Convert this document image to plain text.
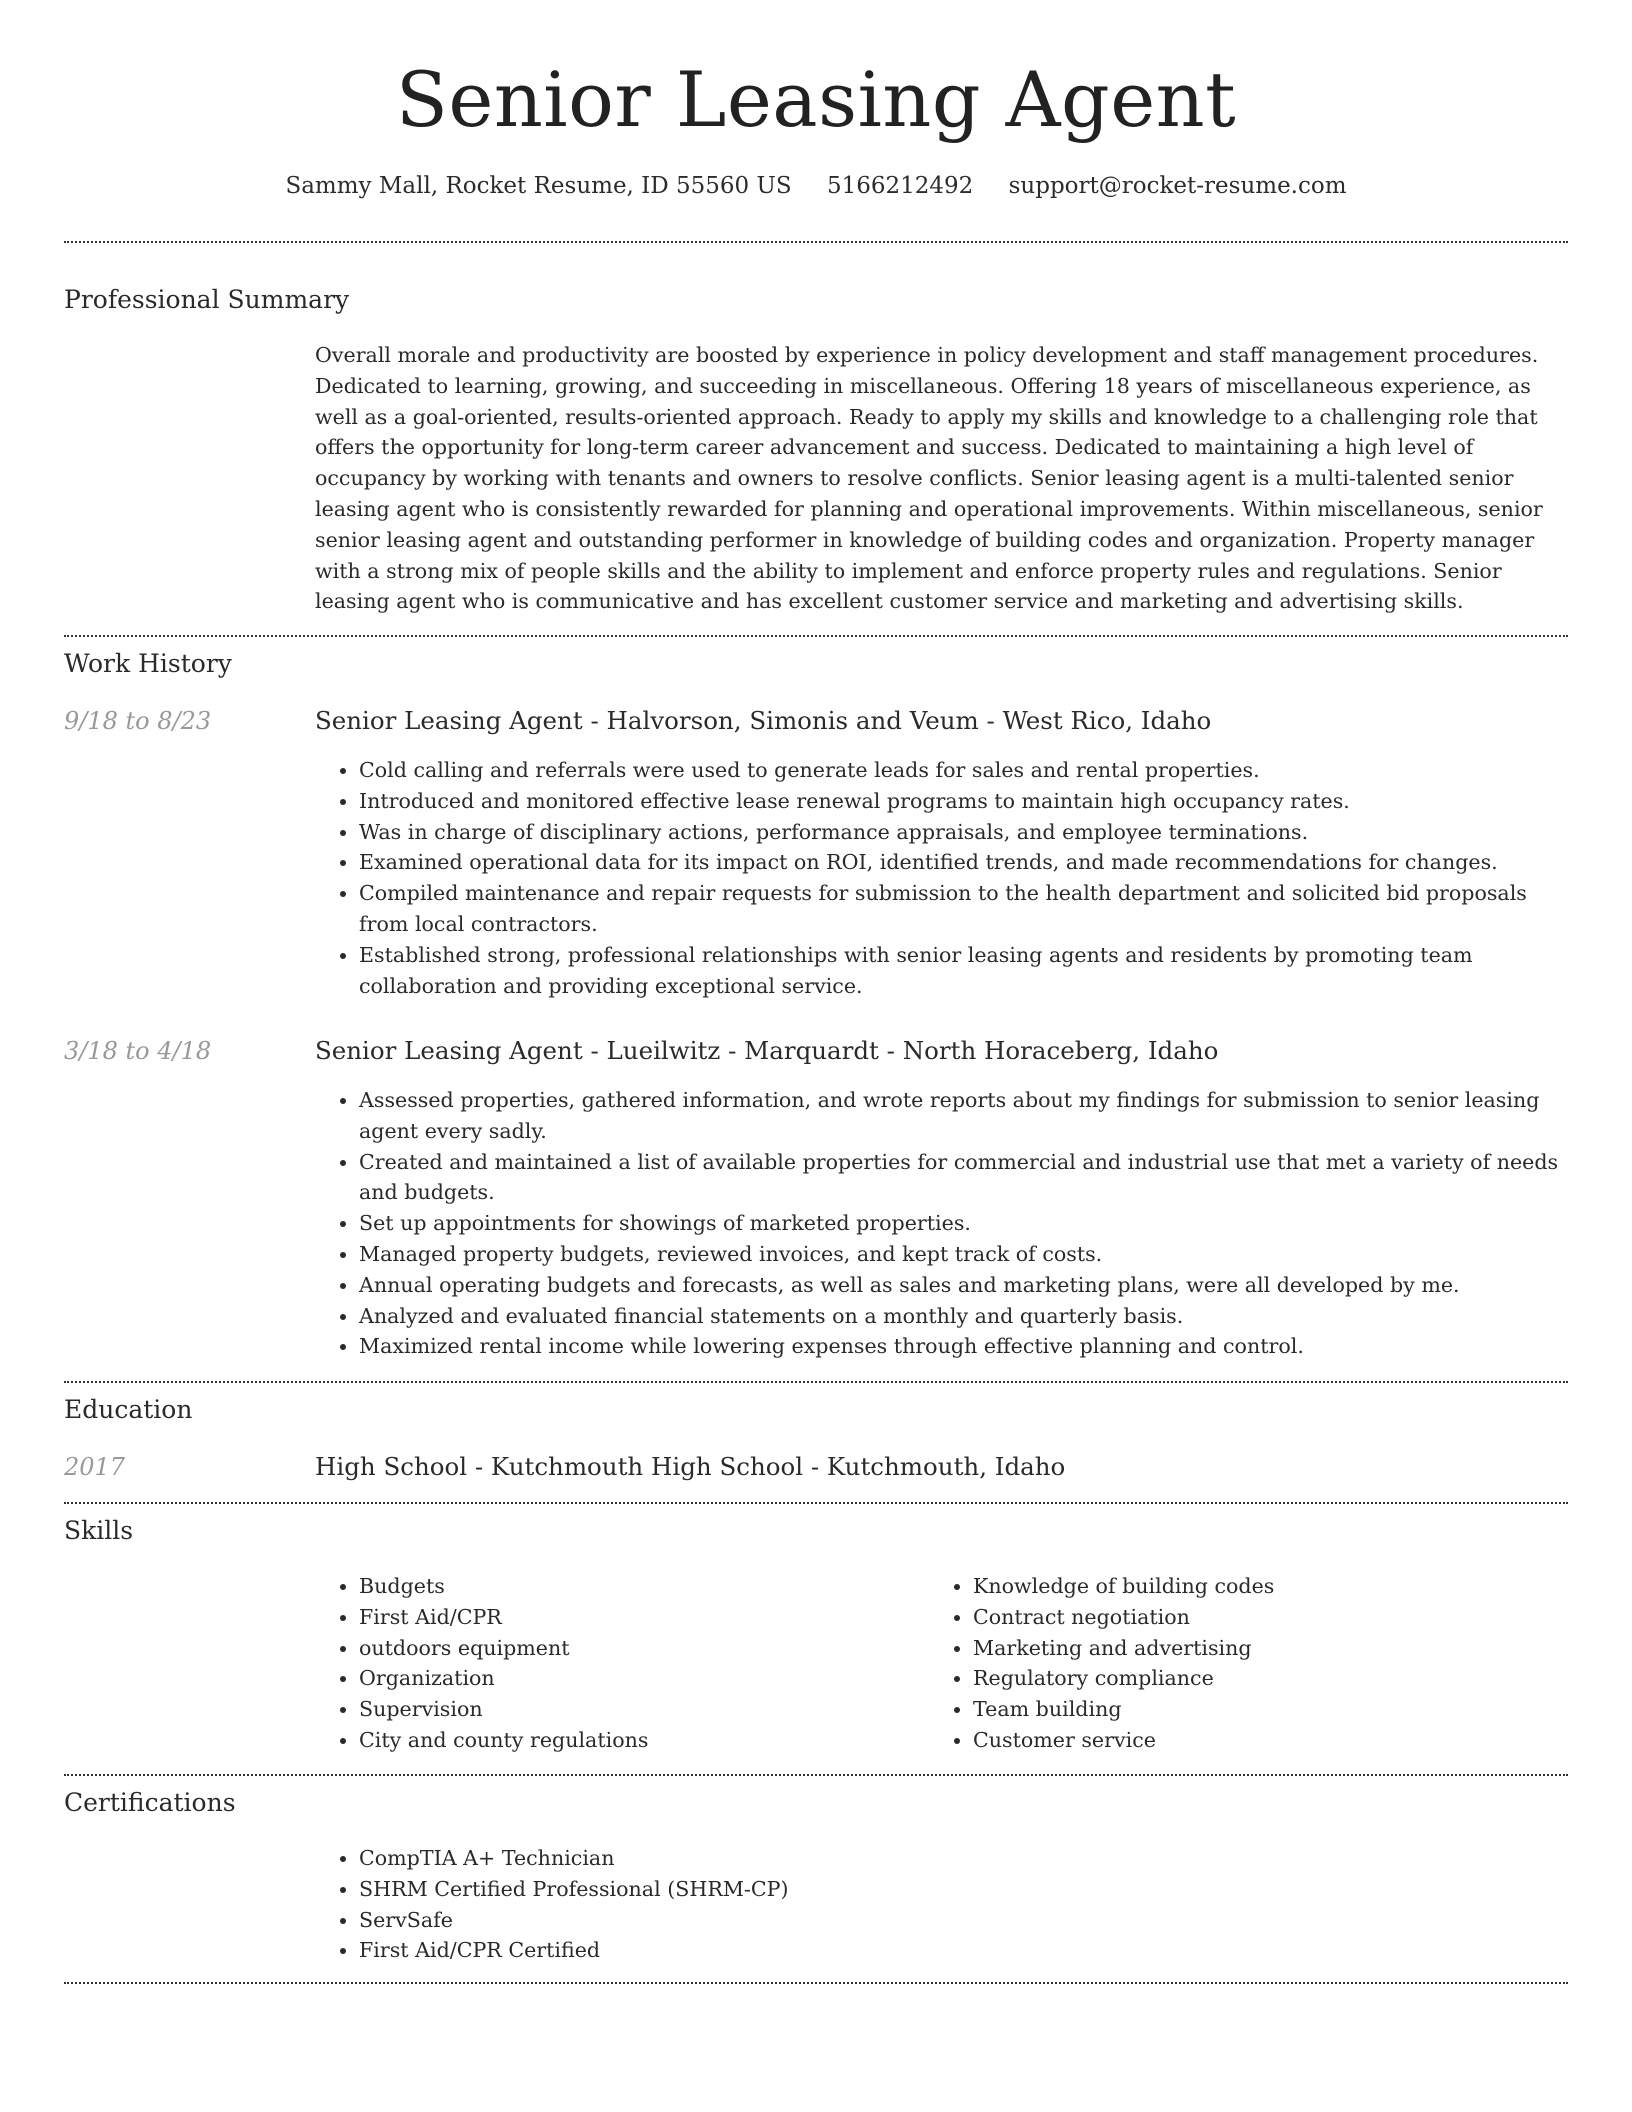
Senior Leasing Agent
Sammy Mall, Rocket Resume, ID 55560 US 5166212492 support@rocket-resume.com
Professional Summary

Overall morale and productivity are boosted by experience in policy development and staff management procedures. Dedicated to learning, growing, and succeeding in miscellaneous. Offering 18 years of miscellaneous experience, as well as a goal-oriented, results-oriented approach. Ready to apply my skills and knowledge to a challenging role that offers the opportunity for long-term career advancement and success. Dedicated to maintaining a high level of occupancy by working with tenants and owners to resolve conflicts. Senior leasing agent is a multi-talented senior leasing agent who is consistently rewarded for planning and operational improvements. Within miscellaneous, senior senior leasing agent and outstanding performer in knowledge of building codes and organization. Property manager with a strong mix of people skills and the ability to implement and enforce property rules and regulations. Senior leasing agent who is communicative and has excellent customer service and marketing and advertising skills.

Work History
9/18 to 8/23	Senior Leasing Agent - Halvorson, Simonis and Veum - West Rico, Idaho
• Cold calling and referrals were used to generate leads for sales and rental properties.
• Introduced and monitored effective lease renewal programs to maintain high occupancy rates.
• Was in charge of disciplinary actions, performance appraisals, and employee terminations.
• Examined operational data for its impact on ROI, identified trends, and made recommendations for changes.
• Compiled maintenance and repair requests for submission to the health department and solicited bid proposals from local contractors.
• Established strong, professional relationships with senior leasing agents and residents by promoting team collaboration and providing exceptional service.
3/18 to 4/18	Senior Leasing Agent - Lueilwitz - Marquardt - North Horaceberg, Idaho
• Assessed properties, gathered information, and wrote reports about my findings for submission to senior leasing agent every sadly.
• Created and maintained a list of available properties for commercial and industrial use that met a variety of needs and budgets.
• Set up appointments for showings of marketed properties.
• Managed property budgets, reviewed invoices, and kept track of costs.
• Annual operating budgets and forecasts, as well as sales and marketing plans, were all developed by me.
• Analyzed and evaluated financial statements on a monthly and quarterly basis.
• Maximized rental income while lowering expenses through effective planning and control.
Education
2017	High School - Kutchmouth High School - Kutchmouth, Idaho
Skills
• Budgets
• First Aid/CPR
• outdoors equipment
• Organization
• Supervision
• City and county regulations
• Knowledge of building codes
• Contract negotiation
• Marketing and advertising
• Regulatory compliance
• Team building
• Customer service
Certifications
• CompTIA A+ Technician
• SHRM Certified Professional (SHRM-CP)
• ServSafe
• First Aid/CPR Certified
